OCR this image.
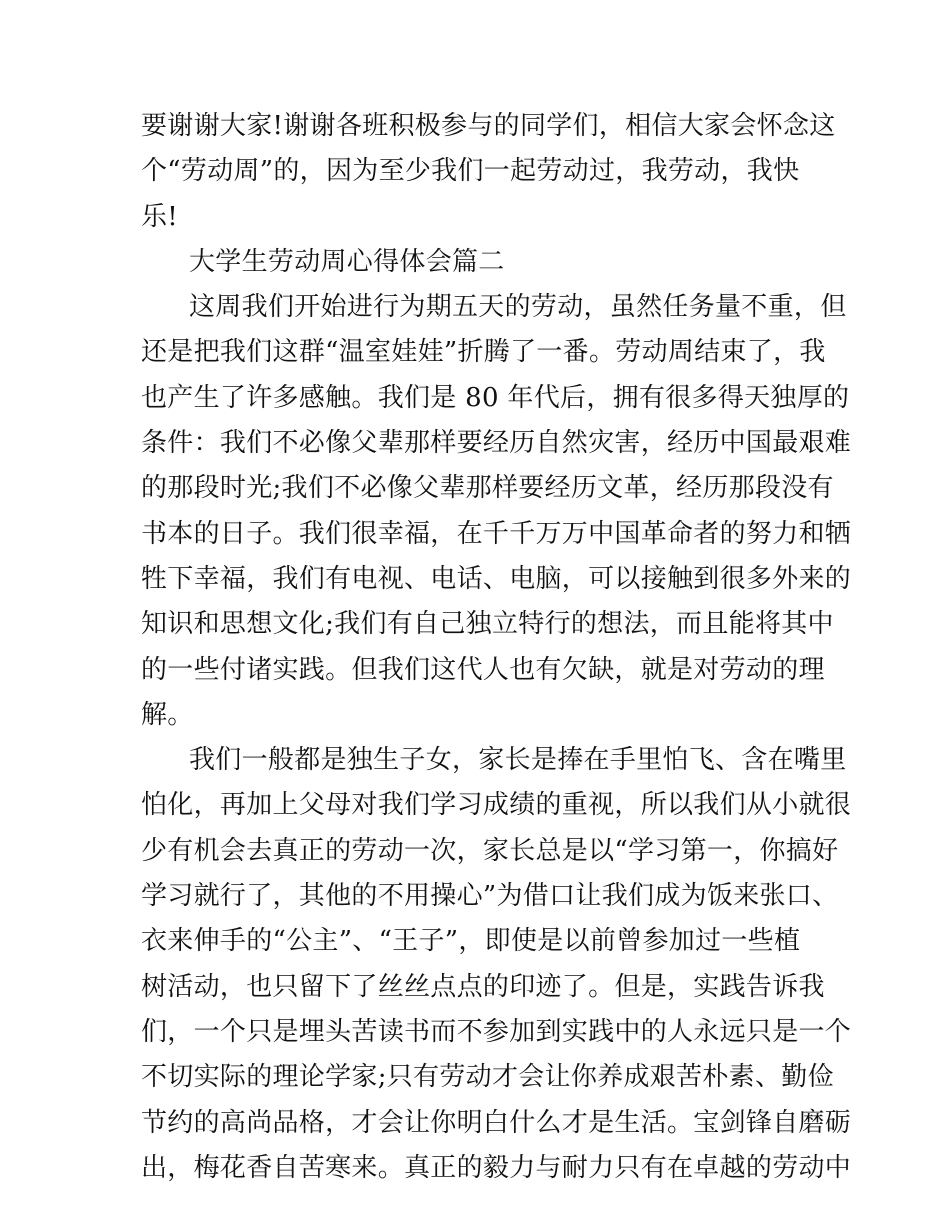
要谢谢大家!谢谢各班积极参与的同学们，相信大家会怀念这
个“劳动周”的，因为至少我们一起劳动过，我劳动，我快
乐!
大学生劳动周心得体会篇二
这周我们开始进行为期五天的劳动，虽然任务量不重，但
还是把我们这群“温室娃娃”折腾了一番。劳动周结束了，我
也产生了许多感触。我们是 80 年代后，拥有很多得天独厚的
条件：我们不必像父辈那样要经历自然灾害，经历中国最艰难
的那段时光;我们不必像父辈那样要经历文革，经历那段没有
书本的日子。我们很幸福，在千千万万中国革命者的努力和牺
牲下幸福，我们有电视、电话、电脑，可以接触到很多外来的
知识和思想文化;我们有自己独立特行的想法，而且能将其中
的一些付诸实践。但我们这代人也有欠缺，就是对劳动的理
解。
我们一般都是独生子女，家长是捧在手里怕飞、含在嘴里
怕化，再加上父母对我们学习成绩的重视，所以我们从小就很
少有机会去真正的劳动一次，家长总是以“学习第一，你搞好
学习就行了，其他的不用操心”为借口让我们成为饭来张口、
衣来伸手的“公主”、“王子”，即使是以前曾参加过一些植
树活动，也只留下了丝丝点点的印迹了。但是，实践告诉我
们，一个只是埋头苦读书而不参加到实践中的人永远只是一个
不切实际的理论学家;只有劳动才会让你养成艰苦朴素、勤俭
节约的高尚品格，才会让你明白什么才是生活。宝剑锋自磨砺
出，梅花香自苦寒来。真正的毅力与耐力只有在卓越的劳动中
